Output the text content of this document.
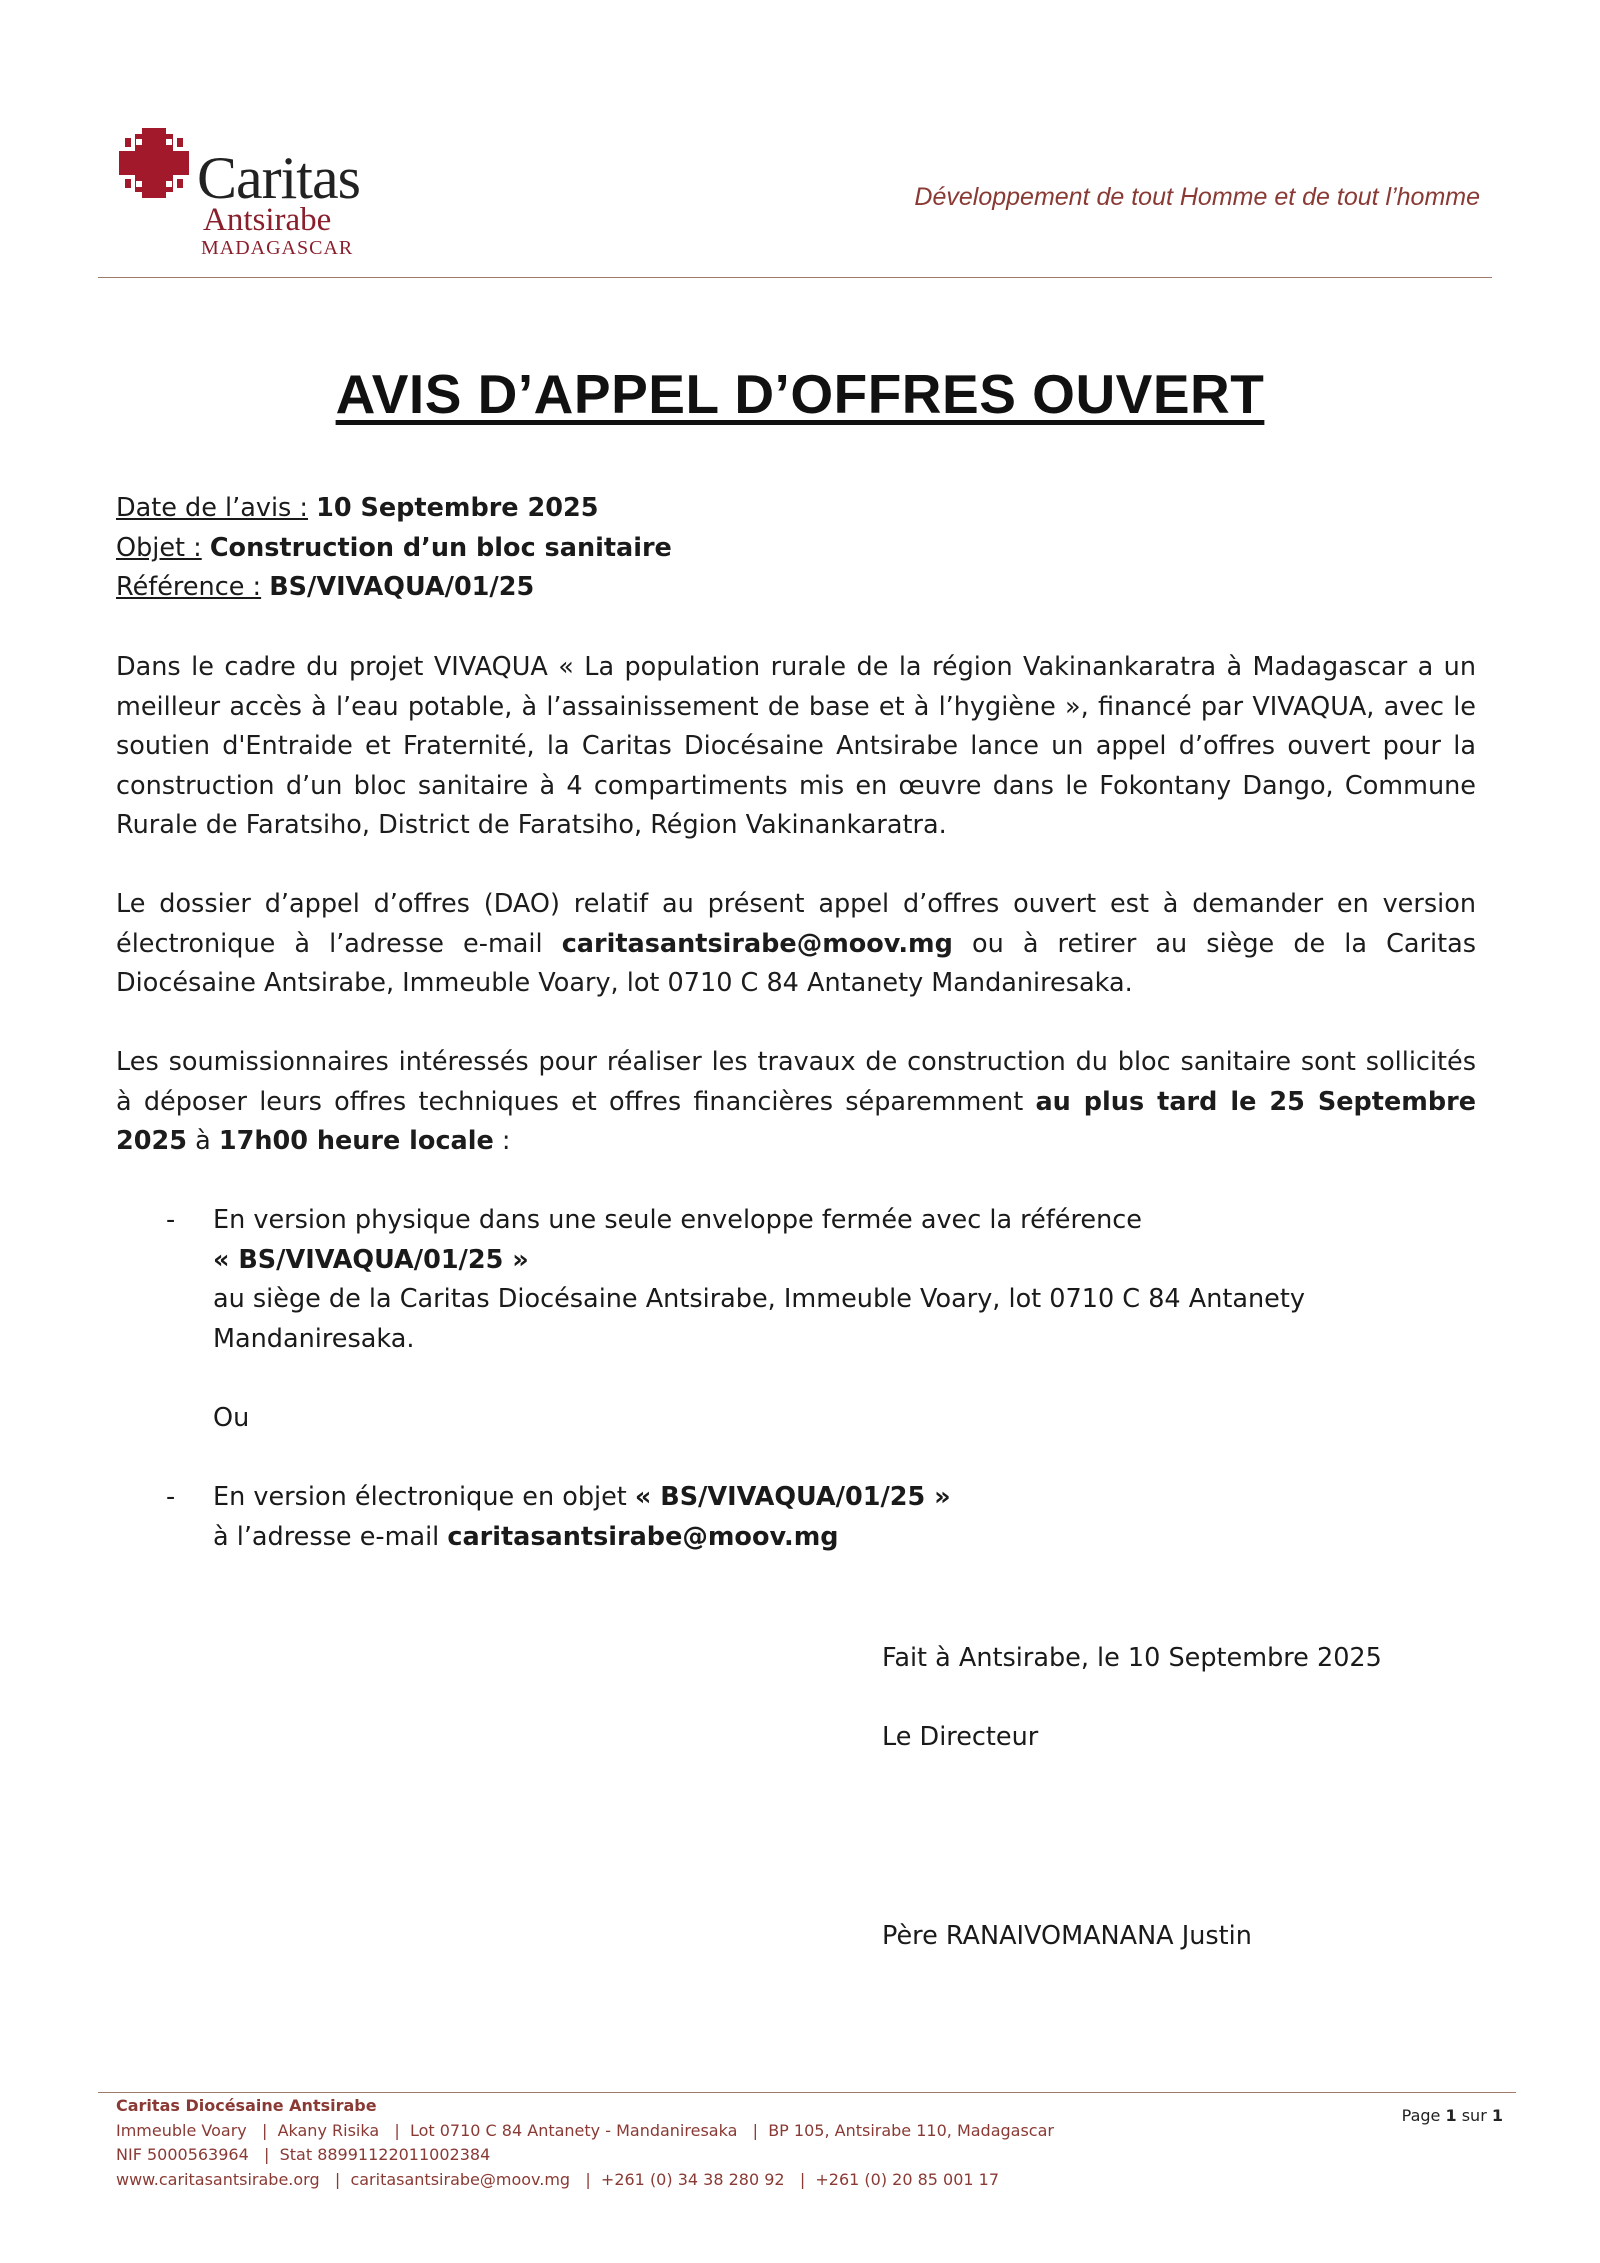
Caritas
Antsirabe
MADAGASCAR
Développement de tout Homme et de tout l’homme
AVIS D’APPEL D’OFFRES OUVERT
Date de l’avis : 10 Septembre 2025
Objet : Construction d’un bloc sanitaire
Référence : BS/VIVAQUA/01/25
Dans le cadre du projet VIVAQUA « La population rurale de la région Vakinankaratra à Madagascar a un meilleur accès à l’eau potable, à l’assainissement de base et à l’hygiène », financé par VIVAQUA, avec le soutien d'Entraide et Fraternité, la Caritas Diocésaine Antsirabe lance un appel d’offres ouvert pour la construction d’un bloc sanitaire à 4 compartiments mis en œuvre dans le Fokontany Dango, Commune Rurale de Faratsiho, District de Faratsiho, Région Vakinankaratra.
Le dossier d’appel d’offres (DAO) relatif au présent appel d’offres ouvert est à demander en version électronique à l’adresse e-mail caritasantsirabe@moov.mg ou à retirer au siège de la Caritas Diocésaine Antsirabe, Immeuble Voary, lot 0710 C 84 Antanety Mandaniresaka.
Les soumissionnaires intéressés pour réaliser les travaux de construction du bloc sanitaire sont sollicités à déposer leurs offres techniques et offres financières séparemment au plus tard le 25 Septembre 2025 à 17h00 heure locale :
- En version physique dans une seule enveloppe fermée avec la référence
« BS/VIVAQUA/01/25 »
au siège de la Caritas Diocésaine Antsirabe, Immeuble Voary, lot 0710 C 84 Antanety Mandaniresaka.
Ou
- En version électronique en objet « BS/VIVAQUA/01/25 »
à l’adresse e-mail caritasantsirabe@moov.mg
Fait à Antsirabe, le 10 Septembre 2025
Le Directeur
Père RANAIVOMANANA Justin
Caritas Diocésaine Antsirabe
Immeuble Voary   |  Akany Risika   |  Lot 0710 C 84 Antanety - Mandaniresaka   |  BP 105, Antsirabe 110, Madagascar
NIF 5000563964   |  Stat 88991122011002384
www.caritasantsirabe.org   |  caritasantsirabe@moov.mg   |  +261 (0) 34 38 280 92   |  +261 (0) 20 85 001 17
Page 1 sur 1
